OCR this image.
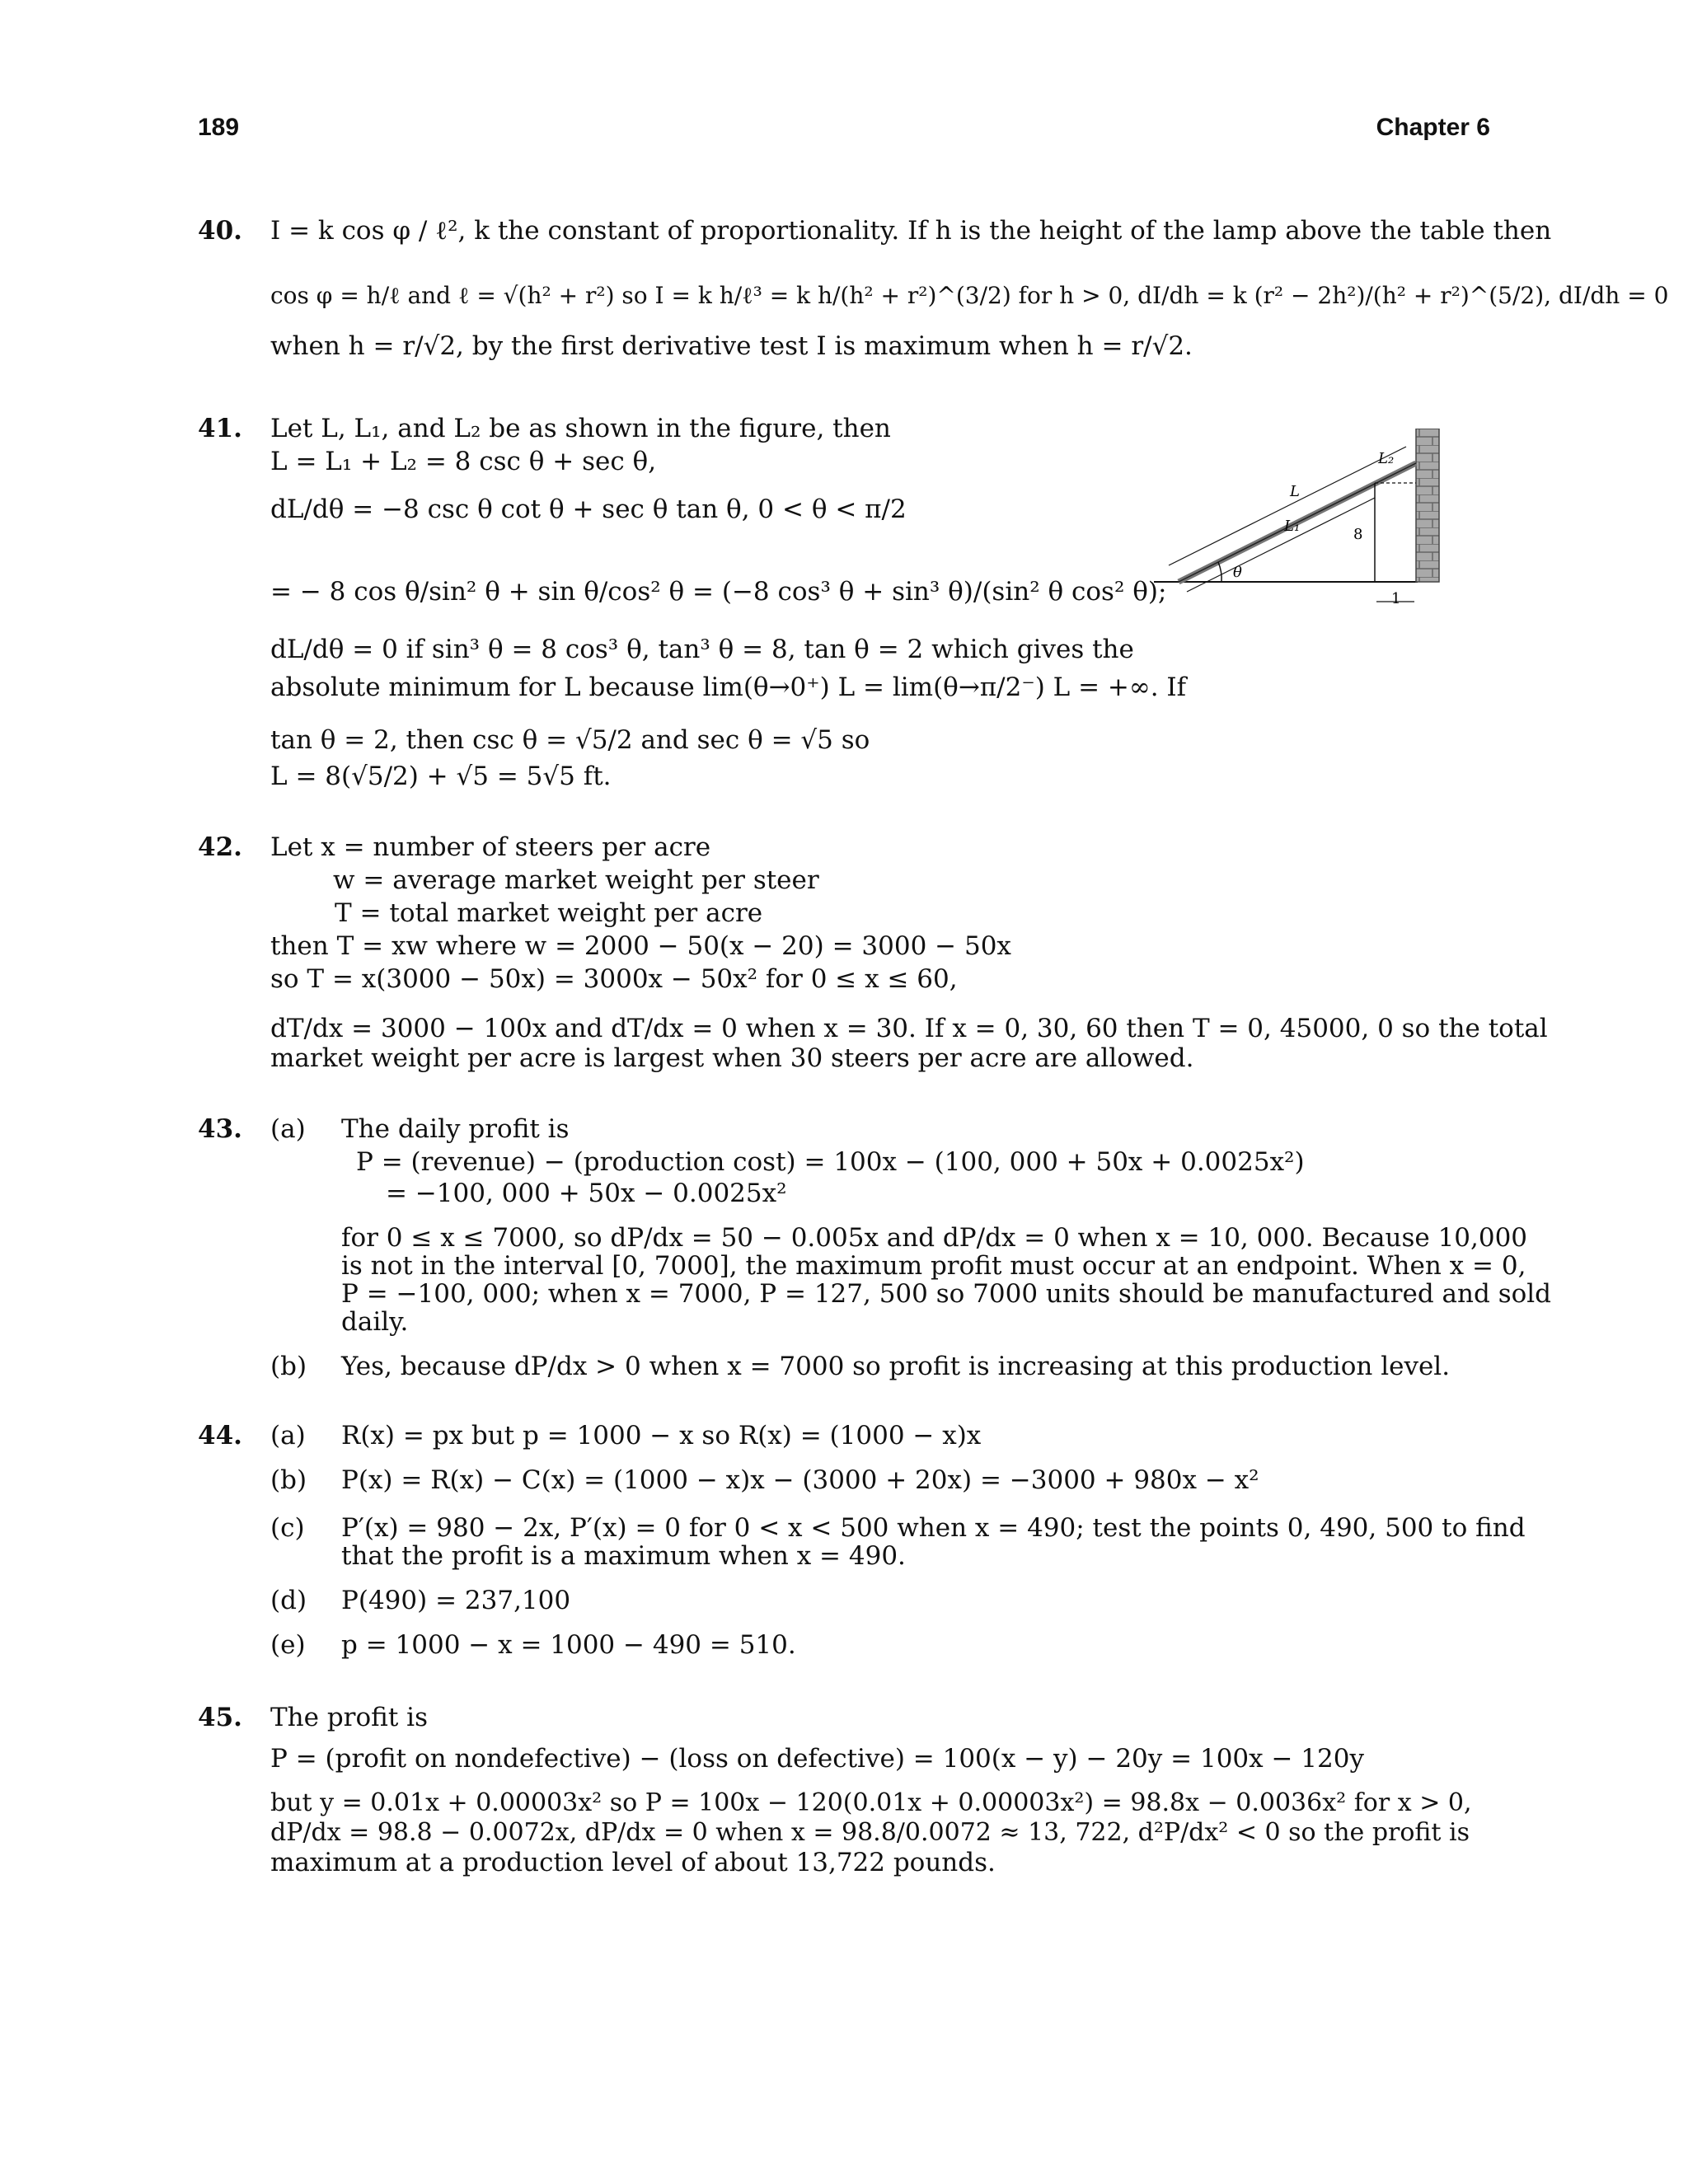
189	Chapter 6
40. I = k cos φ / ℓ², k the constant of proportionality. If h is the height of the lamp above the table then
cos φ = h/ℓ and ℓ = √(h² + r²) so I = k h/ℓ³ = k h/(h² + r²)^(3/2) for h > 0, dI/dh = k (r² − 2h²)/(h² + r²)^(5/2), dI/dh = 0
when h = r/√2, by the first derivative test I is maximum when h = r/√2.
41. Let L, L₁, and L₂ be as shown in the figure, then
L = L₁ + L₂ = 8 csc θ + sec θ,
dL/dθ = −8 csc θ cot θ + sec θ tan θ, 0 < θ < π/2
= − 8 cos θ/sin² θ + sin θ/cos² θ = (−8 cos³ θ + sin³ θ)/(sin² θ cos² θ);
dL/dθ = 0 if sin³ θ = 8 cos³ θ, tan³ θ = 8, tan θ = 2 which gives the
absolute minimum for L because lim(θ→0⁺) L = lim(θ→π/2⁻) L = +∞. If
tan θ = 2, then csc θ = √5/2 and sec θ = √5 so
L = 8(√5/2) + √5 = 5√5 ft.
L
L₁
L₂
8
1
θ
42. Let x = number of steers per acre
w = average market weight per steer
T = total market weight per acre
then T = xw where w = 2000 − 50(x − 20) = 3000 − 50x
so T = x(3000 − 50x) = 3000x − 50x² for 0 ≤ x ≤ 60,
dT/dx = 3000 − 100x and dT/dx = 0 when x = 30. If x = 0, 30, 60 then T = 0, 45000, 0 so the total
market weight per acre is largest when 30 steers per acre are allowed.
43. (a) The daily profit is
P = (revenue) − (production cost) = 100x − (100, 000 + 50x + 0.0025x²)
= −100, 000 + 50x − 0.0025x²
for 0 ≤ x ≤ 7000, so dP/dx = 50 − 0.005x and dP/dx = 0 when x = 10, 000. Because 10,000
is not in the interval [0, 7000], the maximum profit must occur at an endpoint. When x = 0,
P = −100, 000; when x = 7000, P = 127, 500 so 7000 units should be manufactured and sold
daily.
(b) Yes, because dP/dx > 0 when x = 7000 so profit is increasing at this production level.
44. (a) R(x) = px but p = 1000 − x so R(x) = (1000 − x)x
(b) P(x) = R(x) − C(x) = (1000 − x)x − (3000 + 20x) = −3000 + 980x − x²
(c) P′(x) = 980 − 2x, P′(x) = 0 for 0 < x < 500 when x = 490; test the points 0, 490, 500 to find
that the profit is a maximum when x = 490.
(d) P(490) = 237,100
(e) p = 1000 − x = 1000 − 490 = 510.
45. The profit is
P = (profit on nondefective) − (loss on defective) = 100(x − y) − 20y = 100x − 120y
but y = 0.01x + 0.00003x² so P = 100x − 120(0.01x + 0.00003x²) = 98.8x − 0.0036x² for x > 0,
dP/dx = 98.8 − 0.0072x, dP/dx = 0 when x = 98.8/0.0072 ≈ 13, 722, d²P/dx² < 0 so the profit is
maximum at a production level of about 13,722 pounds.
